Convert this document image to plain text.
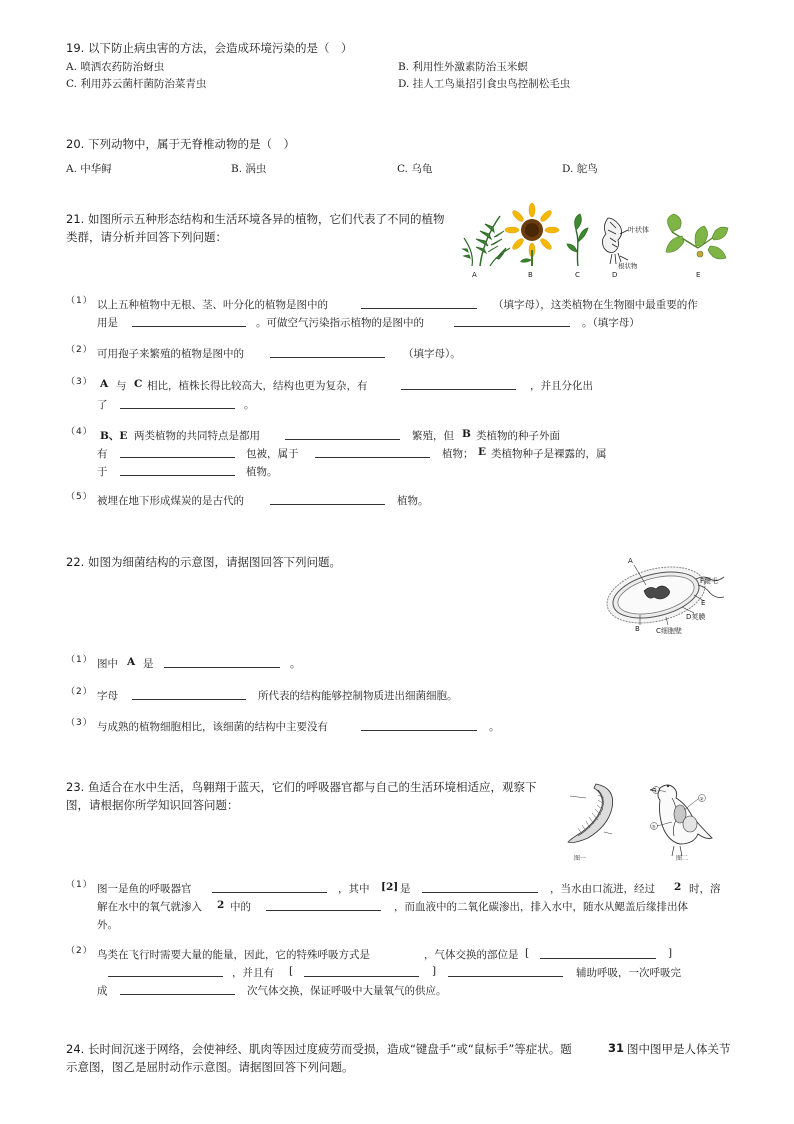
19. 以下防止病虫害的方法，会造成环境污染的是（　）
A. 喷洒农药防治蚜虫	B. 利用性外激素防治玉米螟
C. 利用苏云菌杆菌防治菜青虫	D. 挂人工鸟巢招引食虫鸟控制松毛虫
20. 下列动物中，属于无脊椎动物的是（　）
A. 中华鲟	B. 涡虫	C. 乌龟	D. 鸵鸟
21. 如图所示五种形态结构和生活环境各异的植物，它们代表了不同的植物
类群，请分析并回答下列问题：	叶状体
根状物
A	B	C	D	E
（1） 以上五种植物中无根、茎、叶分化的植物是图中的	（填字母），这类植物在生物圈中最重要的作
用是	。可做空气污染指示植物的是图中的	。（填字母）
（2） 可用孢子来繁殖的植物是图中的	（填字母）。
（3） A 与 C 相比，植株长得比较高大，结构也更为复杂，有	，并且分化出
了	。
（4） B、E 两类植物的共同特点是都用	繁殖，但 B 类植物的种子外面
有	包被，属于	植物； E 类植物种子是裸露的，属
于	植物。
（5） 被埋在地下形成煤炭的是古代的	植物。
22. 如图为细菌结构的示意图，请据图回答下列问题。	A
B C细胞壁
D荚膜
E
F鞭毛
（1） 图中 A 是	。
（2） 字母	所代表的结构能够控制物质进出细菌细胞。
（3） 与成熟的植物细胞相比，该细菌的结构中主要没有	。
23. 鱼适合在水中生活，鸟翱翔于蓝天，它们的呼吸器官都与自己的生活环境相适应，观察下
图，请根据你所学知识回答问题：
图一
①
②
③
图二
（1） 图一是鱼的呼吸器官	，其中 [2] 是	，当水由口流进，经过 2 时，溶
解在水中的氧气就渗入 2 中的	，而血液中的二氧化碳渗出，排入水中，随水从鳃盖后缘排出体
外。
（2） 鸟类在飞行时需要大量的能量，因此，它的特殊呼吸方式是	，气体交换的部位是 [	]
，并且有 [	]	辅助呼吸，一次呼吸完
成	次气体交换，保证呼吸中大量氧气的供应。
24. 长时间沉迷于网络，会使神经、肌肉等因过度疲劳而受损，造成“键盘手”或“鼠标手”等症状。题	31 图中图甲是人体关节
示意图，图乙是屈肘动作示意图。请据图回答下列问题。
